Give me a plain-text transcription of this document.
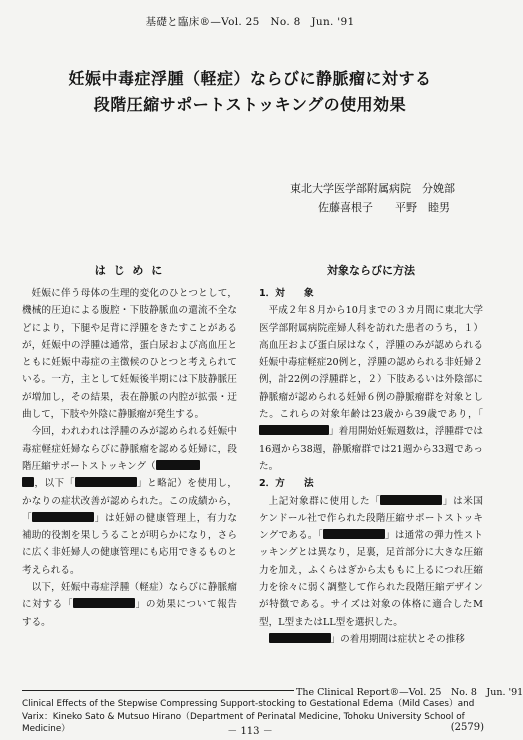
基礎と臨床®—Vol. 25　No. 8　Jun. '91
妊娠中毒症浮腫（軽症）ならびに静脈瘤に対する
段階圧縮サポートストッキングの使用効果
東北大学医学部附属病院　分娩部
佐藤喜根子　　平野　睦男
は じ め に	対象ならびに方法

妊娠に伴う母体の生理的変化のひとつとして，機械的圧迫による腹腔・下肢静脈血の還流不全などにより，下腿や足背に浮腫をきたすことがあるが，妊娠中の浮腫は通常，蛋白尿および高血圧とともに妊娠中毒症の主徴候のひとつと考えられている。一方，主として妊娠後半期には下肢静脈圧が増加し，その結果，表在静脈の内腔が拡張・迂曲して，下肢や外陰に静脈瘤が発生する。

今回，われわれは浮腫のみが認められる妊娠中毒症軽症妊婦ならびに静脈瘤を認める妊婦に，段階圧縮サポートストッキング（
，以下「	」と略記）を使用し，かなりの症状改善が認められた。この成績から，「	」は妊婦の健康管理上，有力な補助的役割を果しうることが明らかになり，さらに広く非妊婦人の健康管理にも応用できるものと考えられる。

以下，妊娠中毒症浮腫（軽症）ならびに静脈瘤に対する「	」の効果について報告する。

1．対　　象

平成２年８月から10月までの３カ月間に東北大学医学部附属病院産婦人科を訪れた患者のうち，１）高血圧および蛋白尿はなく，浮腫のみが認められる妊娠中毒症軽症20例と，浮腫の認められる非妊婦２例，計22例の浮腫群と，２）下肢あるいは外陰部に静脈瘤が認められる妊婦６例の静脈瘤群を対象とした。これらの対象年齢は23歳から39歳であり，「」着用開始妊娠週数は，浮腫群では16週から38週，静脈瘤群では21週から33週であった。

2．方　　法

上記対象群に使用した「	」は米国ケンドール社で作られた段階圧縮サポートストッキングである。「	」は通常の弾力性ストッキングとは異なり，足裏，足首部分に大きな圧縮力を加え，ふくらはぎから太ももに上るにつれ圧縮力を徐々に弱く調整して作られた段階圧縮デザインが特徴である。サイズは対象の体格に適合したM型，L型またはLL型を選択した。

」の着用期間は症状とその推移

The Clinical Report®—Vol. 25　No. 8　Jun. '91
Clinical Effects of the Stepwise Compressing Support-stocking to Gestational Edema（Mild Cases）and Varix：Kineko Sato & Mutsuo Hirano（Department of Perinatal Medicine, Tohoku University School of Medicine）	－ 113 －	(2579)
